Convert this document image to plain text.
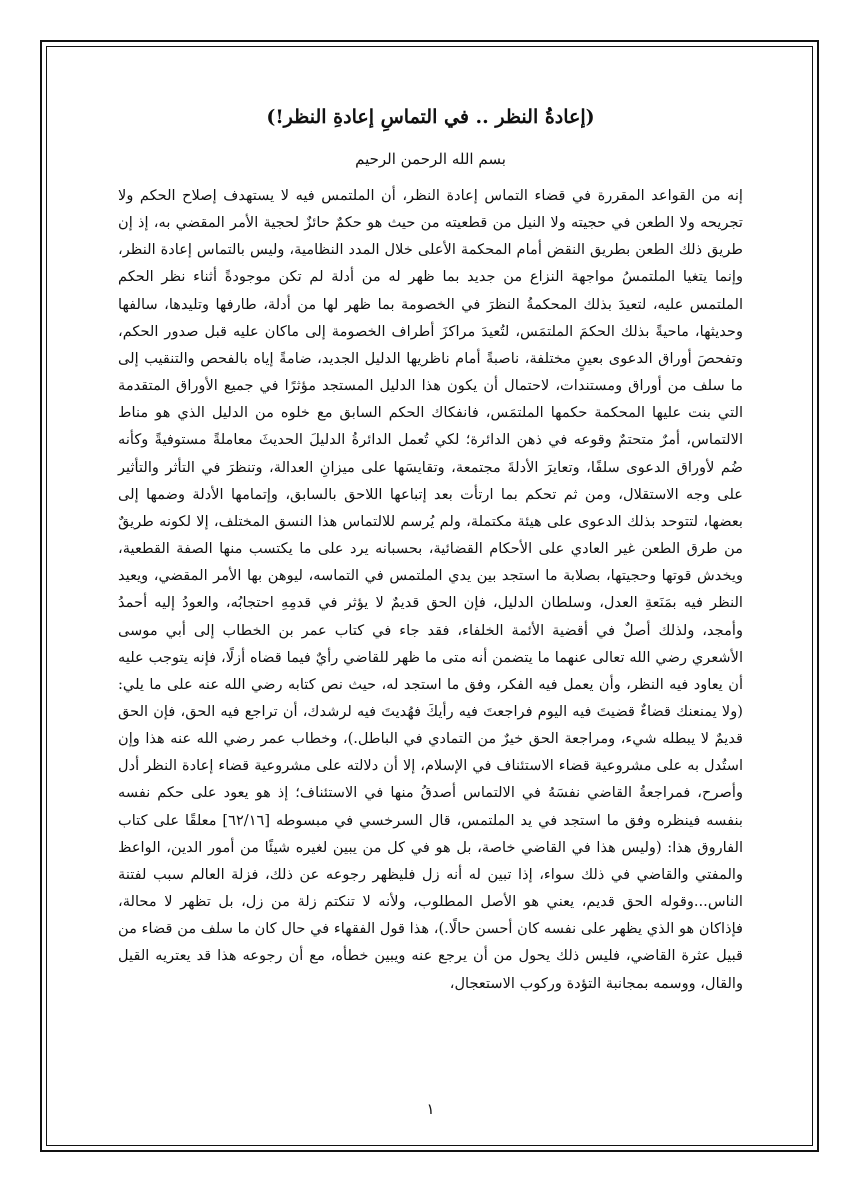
(إعادةُ النظر .. في التماسِ إعادةِ النظر!)
بسم الله الرحمن الرحيم

إنه من القواعد المقررة في قضاء التماس إعادة النظر، أن الملتمس فيه لا يستهدف إصلاح الحكم ولا تجريحه ولا الطعن في حجيته ولا النيل من قطعيته من حيث هو حكمٌ حائزٌ لحجية الأمر المقضي به، إذ إن طريق ذلك الطعن بطريق النقض أمام المحكمة الأعلى خلال المدد النظامية، وليس بالتماس إعادة النظر، وإنما يتغيا الملتمسُ مواجهة النزاع من جديد بما ظهر له من أدلة لم تكن موجودةً أثناء نظر الحكم الملتمس عليه، لتعيدَ بذلك المحكمةُ النظرَ في الخصومة بما ظهر لها من أدلة، طارفها وتليدها، سالفها وحديثها، ماحيةً بذلك الحكمَ الملتمَس، لتُعيدَ مراكزَ أطراف الخصومة إلى ماكان عليه قبل صدور الحكم، وتفحصَ أوراق الدعوى بعينٍ مختلفة، ناصبةً أمام ناظريها الدليل الجديد، ضامةً إياه بالفحص والتنقيب إلى ما سلف من أوراق ومستندات، لاحتمال أن يكون هذا الدليل المستجد مؤثرًا في جميع الأوراق المتقدمة التي بنت عليها المحكمة حكمها الملتمَس، فانفكاك الحكم السابق مع خلوه من الدليل الذي هو مناط الالتماس، أمرٌ متحتمٌ وقوعه في ذهن الدائرة؛ لكي تُعمل الدائرةُ الدليلَ الحديثَ معاملةً مستوفيةً وكأنه ضُم لأوراق الدعوى سلفًا، وتعايرَ الأدلةَ مجتمعة، وتقايسَها على ميزانِ العدالة، وتنظرَ في التأثر والتأثير على وجه الاستقلال، ومن ثم تحكم بما ارتأت بعد إتباعها اللاحق بالسابق، وإتمامها الأدلة وضمها إلى بعضها، لتتوحد بذلك الدعوى على هيئة مكتملة، ولم يُرسم للالتماس هذا النسق المختلف، إلا لكونه طريقٌ من طرق الطعن غير العادي على الأحكام القضائية، بحسبانه يرد على ما يكتسب منها الصفة القطعية، ويخدش قوتها وحجيتها، بصلابة ما استجد بين يدي الملتمس في التماسه، ليوهن بها الأمر المقضي، ويعيد النظر فيه بمَنَعةِ العدل، وسلطان الدليل، فإن الحق قديمٌ لا يؤثر في قدمِهِ احتجابُه، والعودُ إليه أحمدُ وأمجد، ولذلك أصلٌ في أقضية الأئمة الخلفاء، فقد جاء في كتاب عمر بن الخطاب إلى أبي موسى الأشعري رضي الله تعالى عنهما ما يتضمن أنه متى ما ظهر للقاضي رأيٌ فيما قضاه أزلًا، فإنه يتوجب عليه أن يعاود فيه النظر، وأن يعمل فيه الفكر، وفق ما استجد له، حيث نص كتابه رضي الله عنه على ما يلي: (ولا يمنعنك قضاءٌ قضيتَ فيه اليوم فراجعتَ فيه رأيكَ فهُديتَ فيه لرشدك، أن تراجع فيه الحق، فإن الحق قديمٌ لا يبطله شيء، ومراجعة الحق خيرٌ من التمادي في الباطل.)، وخطاب عمر رضي الله عنه هذا وإن استُدل به على مشروعية قضاء الاستئناف في الإسلام، إلا أن دلالته على مشروعية قضاء إعادة النظر أدل وأصرح، فمراجعةُ القاضي نفسَهُ في الالتماس أصدقُ منها في الاستئناف؛ إذ هو يعود على حكم نفسه بنفسه فينظره وفق ما استجد في يد الملتمس، قال السرخسي في مبسوطه [٦٢/١٦] معلقًا على كتاب الفاروق هذا: (وليس هذا في القاضي خاصة، بل هو في كل من يبين لغيره شيئًا من أمور الدين، الواعظ والمفتي والقاضي في ذلك سواء، إذا تبين له أنه زل فليظهر رجوعه عن ذلك، فزلة العالم سبب لفتنة الناس...وقوله الحق قديم، يعني هو الأصل المطلوب، ولأنه لا تنكتم زلة من زل، بل تظهر لا محالة، فإذاكان هو الذي يظهر على نفسه كان أحسن حالًا.)، هذا قول الفقهاء في حال كان ما سلف من قضاء من قبيل عثرة القاضي، فليس ذلك يحول من أن يرجع عنه ويبين خطأه، مع أن رجوعه هذا قد يعتريه القيل والقال، ووسمه بمجانبة التؤدة وركوب الاستعجال،

١
